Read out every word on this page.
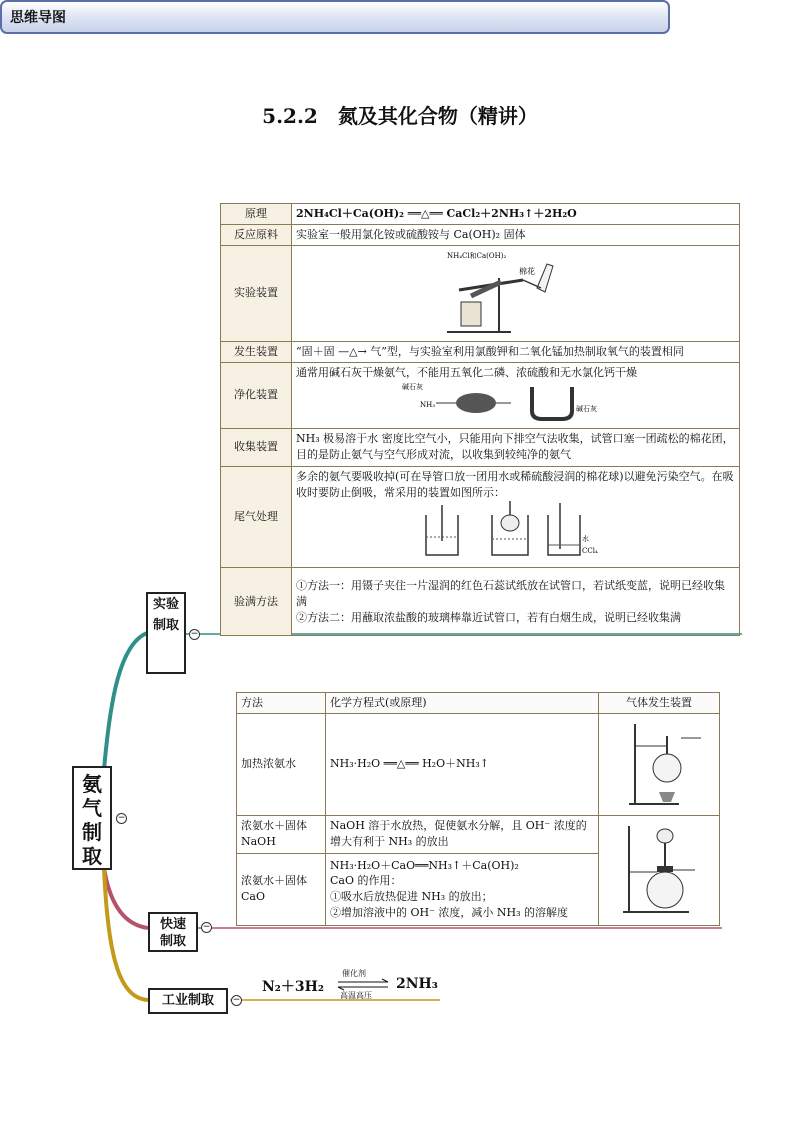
5.2.2　氮及其化合物（精讲）
思维导图
氨气制取
−
实验制取
−
快速制取
−
工业制取	−
原理	2NH₄Cl＋Ca(OH)₂ ══△══ CaCl₂＋2NH₃↑＋2H₂O
反应原料	实验室一般用氯化铵或硫酸铵与 Ca(OH)₂ 固体
实验装置	NH₄Cl和Ca(OH)₂
棉花

发生装置	“固＋固 —△→ 气”型，与实验室利用氯酸钾和二氧化锰加热制取氧气的装置相同
净化装置	通常用碱石灰干燥氨气，不能用五氧化二磷、浓硫酸和无水氯化钙干燥
碱石灰
NH₃ 碱石灰

收集装置	NH₃ 极易溶于水 密度比空气小，只能用向下排空气法收集，试管口塞一团疏松的棉花团，目的是防止氨气与空气形成对流，以收集到较纯净的氨气
尾气处理	多余的氨气要吸收掉(可在导管口放一团用水或稀硫酸浸润的棉花球)以避免污染空气。在吸收时要防止倒吸，常采用的装置如图所示：
水
CCl₄

验满方法	①方法一：用镊子夹住一片湿润的红色石蕊试纸放在试管口，若试纸变蓝，说明已经收集满
②方法二：用蘸取浓盐酸的玻璃棒靠近试管口，若有白烟生成，说明已经收集满
方法	化学方程式(或原理)	气体发生装置
加热浓氨水	NH₃·H₂O ══△══ H₂O＋NH₃↑	
浓氨水＋固体 NaOH	NaOH 溶于水放热，促使氨水分解，且 OH⁻ 浓度的增大有利于 NH₃ 的放出	
浓氨水＋固体 CaO	NH₃·H₂O＋CaO══NH₃↑＋Ca(OH)₂
CaO 的作用：
①吸水后放热促进 NH₃ 的放出；
②增加溶液中的 OH⁻ 浓度，减小 NH₃ 的溶解度	
N₂＋3H₂
催化剂
高温高压
2NH₃
